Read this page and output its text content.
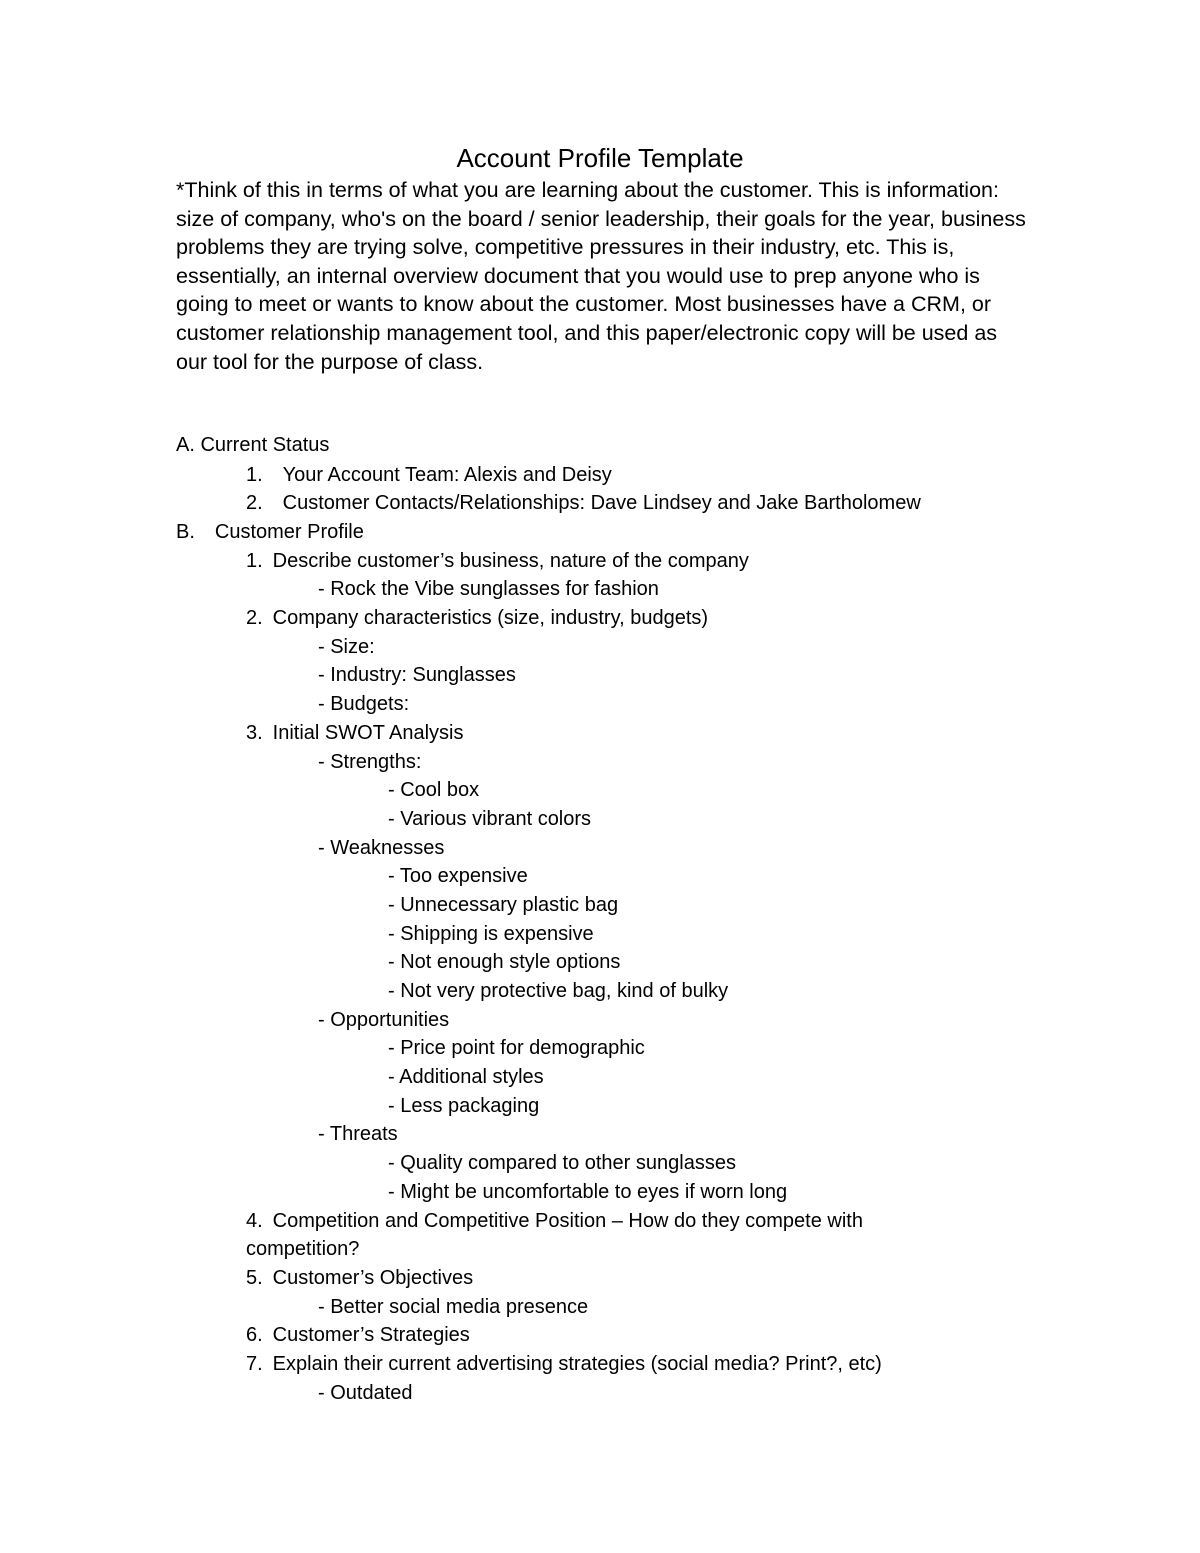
Account Profile Template

*Think of this in terms of what you are learning about the customer. This is information: size of company, who's on the board / senior leadership, their goals for the year, business problems they are trying solve, competitive pressures in their industry, etc. This is, essentially, an internal overview document that you would use to prep anyone who is going to meet or wants to know about the customer. Most businesses have a CRM, or customer relationship management tool, and this paper/electronic copy will be used as our tool for the purpose of class.

A. Current Status
1. Your Account Team: Alexis and Deisy
2. Customer Contacts/Relationships: Dave Lindsey and Jake Bartholomew
B. Customer Profile
1. Describe customer’s business, nature of the company
- Rock the Vibe sunglasses for fashion
2. Company characteristics (size, industry, budgets)
- Size:
- Industry: Sunglasses
- Budgets:
3. Initial SWOT Analysis
- Strengths:
- Cool box
- Various vibrant colors
- Weaknesses
- Too expensive
- Unnecessary plastic bag
- Shipping is expensive
- Not enough style options
- Not very protective bag, kind of bulky
- Opportunities
- Price point for demographic
- Additional styles
- Less packaging
- Threats
- Quality compared to other sunglasses
- Might be uncomfortable to eyes if worn long
4. Competition and Competitive Position – How do they compete with
competition?
5. Customer’s Objectives
- Better social media presence
6. Customer’s Strategies
7. Explain their current advertising strategies (social media? Print?, etc)
- Outdated
